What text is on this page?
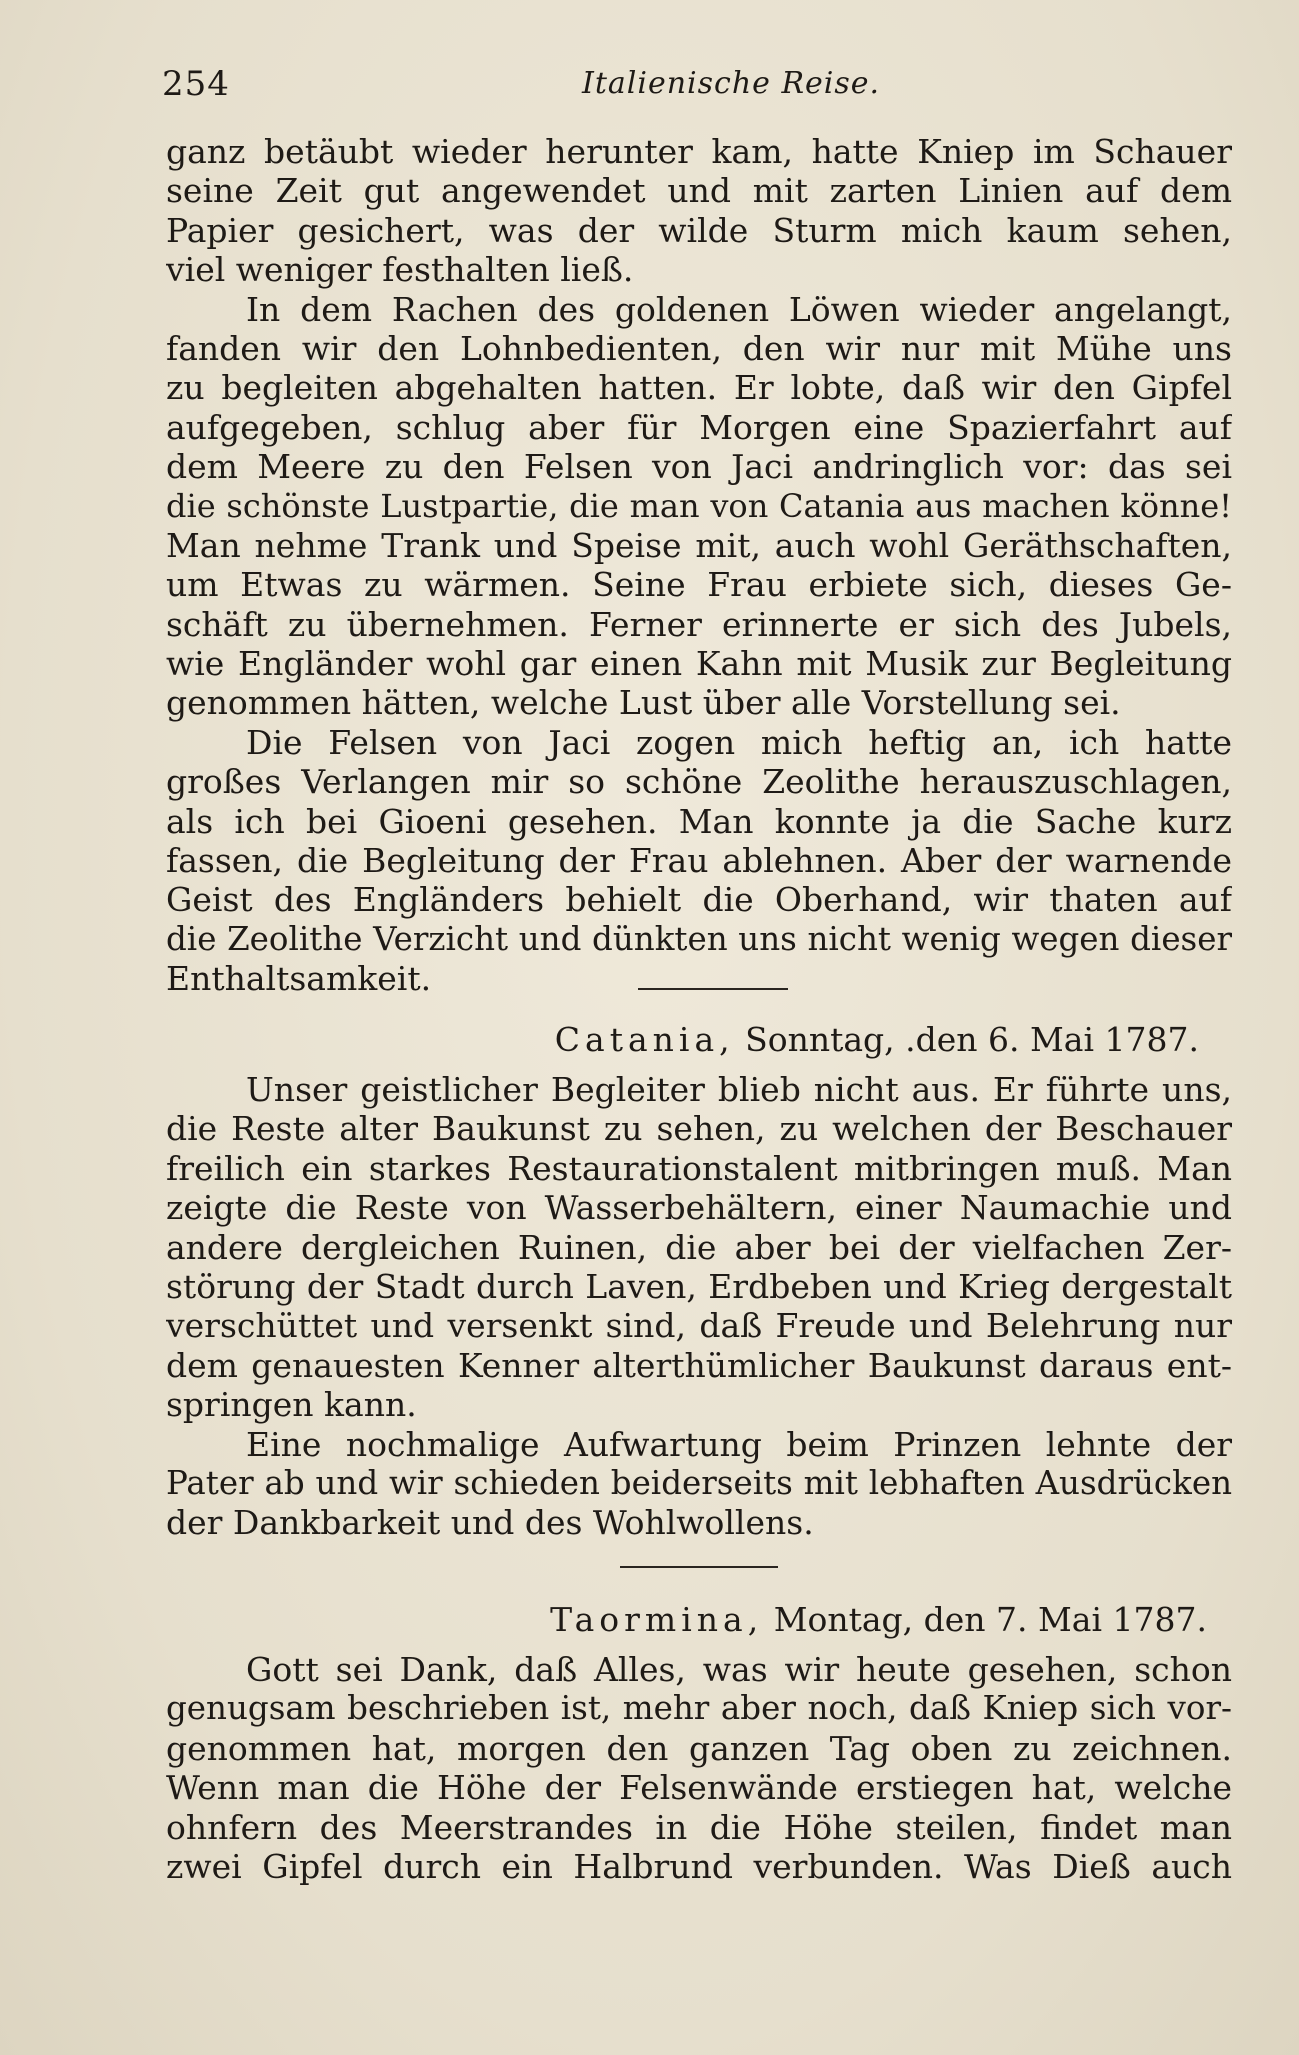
254	Italienische Reise.
ganz betäubt wieder herunter kam, hatte Kniep im Schauer
seine Zeit gut angewendet und mit zarten Linien auf dem
Papier gesichert, was der wilde Sturm mich kaum sehen,
viel weniger festhalten ließ.
In dem Rachen des goldenen Löwen wieder angelangt,
fanden wir den Lohnbedienten, den wir nur mit Mühe uns
zu begleiten abgehalten hatten. Er lobte, daß wir den Gipfel
aufgegeben, schlug aber für Morgen eine Spazierfahrt auf
dem Meere zu den Felsen von Jaci andringlich vor: das sei
die schönste Lustpartie, die man von Catania aus machen könne!
Man nehme Trank und Speise mit, auch wohl Geräthschaften,
um Etwas zu wärmen. Seine Frau erbiete sich, dieses Ge-
schäft zu übernehmen. Ferner erinnerte er sich des Jubels,
wie Engländer wohl gar einen Kahn mit Musik zur Begleitung
genommen hätten, welche Lust über alle Vorstellung sei.
Die Felsen von Jaci zogen mich heftig an, ich hatte
großes Verlangen mir so schöne Zeolithe herauszuschlagen,
als ich bei Gioeni gesehen. Man konnte ja die Sache kurz
fassen, die Begleitung der Frau ablehnen. Aber der warnende
Geist des Engländers behielt die Oberhand, wir thaten auf
die Zeolithe Verzicht und dünkten uns nicht wenig wegen dieser
Enthaltsamkeit.
Catania, Sonntag, .den 6. Mai 1787.
Unser geistlicher Begleiter blieb nicht aus. Er führte uns,
die Reste alter Baukunst zu sehen, zu welchen der Beschauer
freilich ein starkes Restaurationstalent mitbringen muß. Man
zeigte die Reste von Wasserbehältern, einer Naumachie und
andere dergleichen Ruinen, die aber bei der vielfachen Zer-
störung der Stadt durch Laven, Erdbeben und Krieg dergestalt
verschüttet und versenkt sind, daß Freude und Belehrung nur
dem genauesten Kenner alterthümlicher Baukunst daraus ent-
springen kann.
Eine nochmalige Aufwartung beim Prinzen lehnte der
Pater ab und wir schieden beiderseits mit lebhaften Ausdrücken
der Dankbarkeit und des Wohlwollens.
Taormina, Montag, den 7. Mai 1787.
Gott sei Dank, daß Alles, was wir heute gesehen, schon
genugsam beschrieben ist, mehr aber noch, daß Kniep sich vor-
genommen hat, morgen den ganzen Tag oben zu zeichnen.
Wenn man die Höhe der Felsenwände erstiegen hat, welche
ohnfern des Meerstrandes in die Höhe steilen, findet man
zwei Gipfel durch ein Halbrund verbunden. Was Dieß auch
